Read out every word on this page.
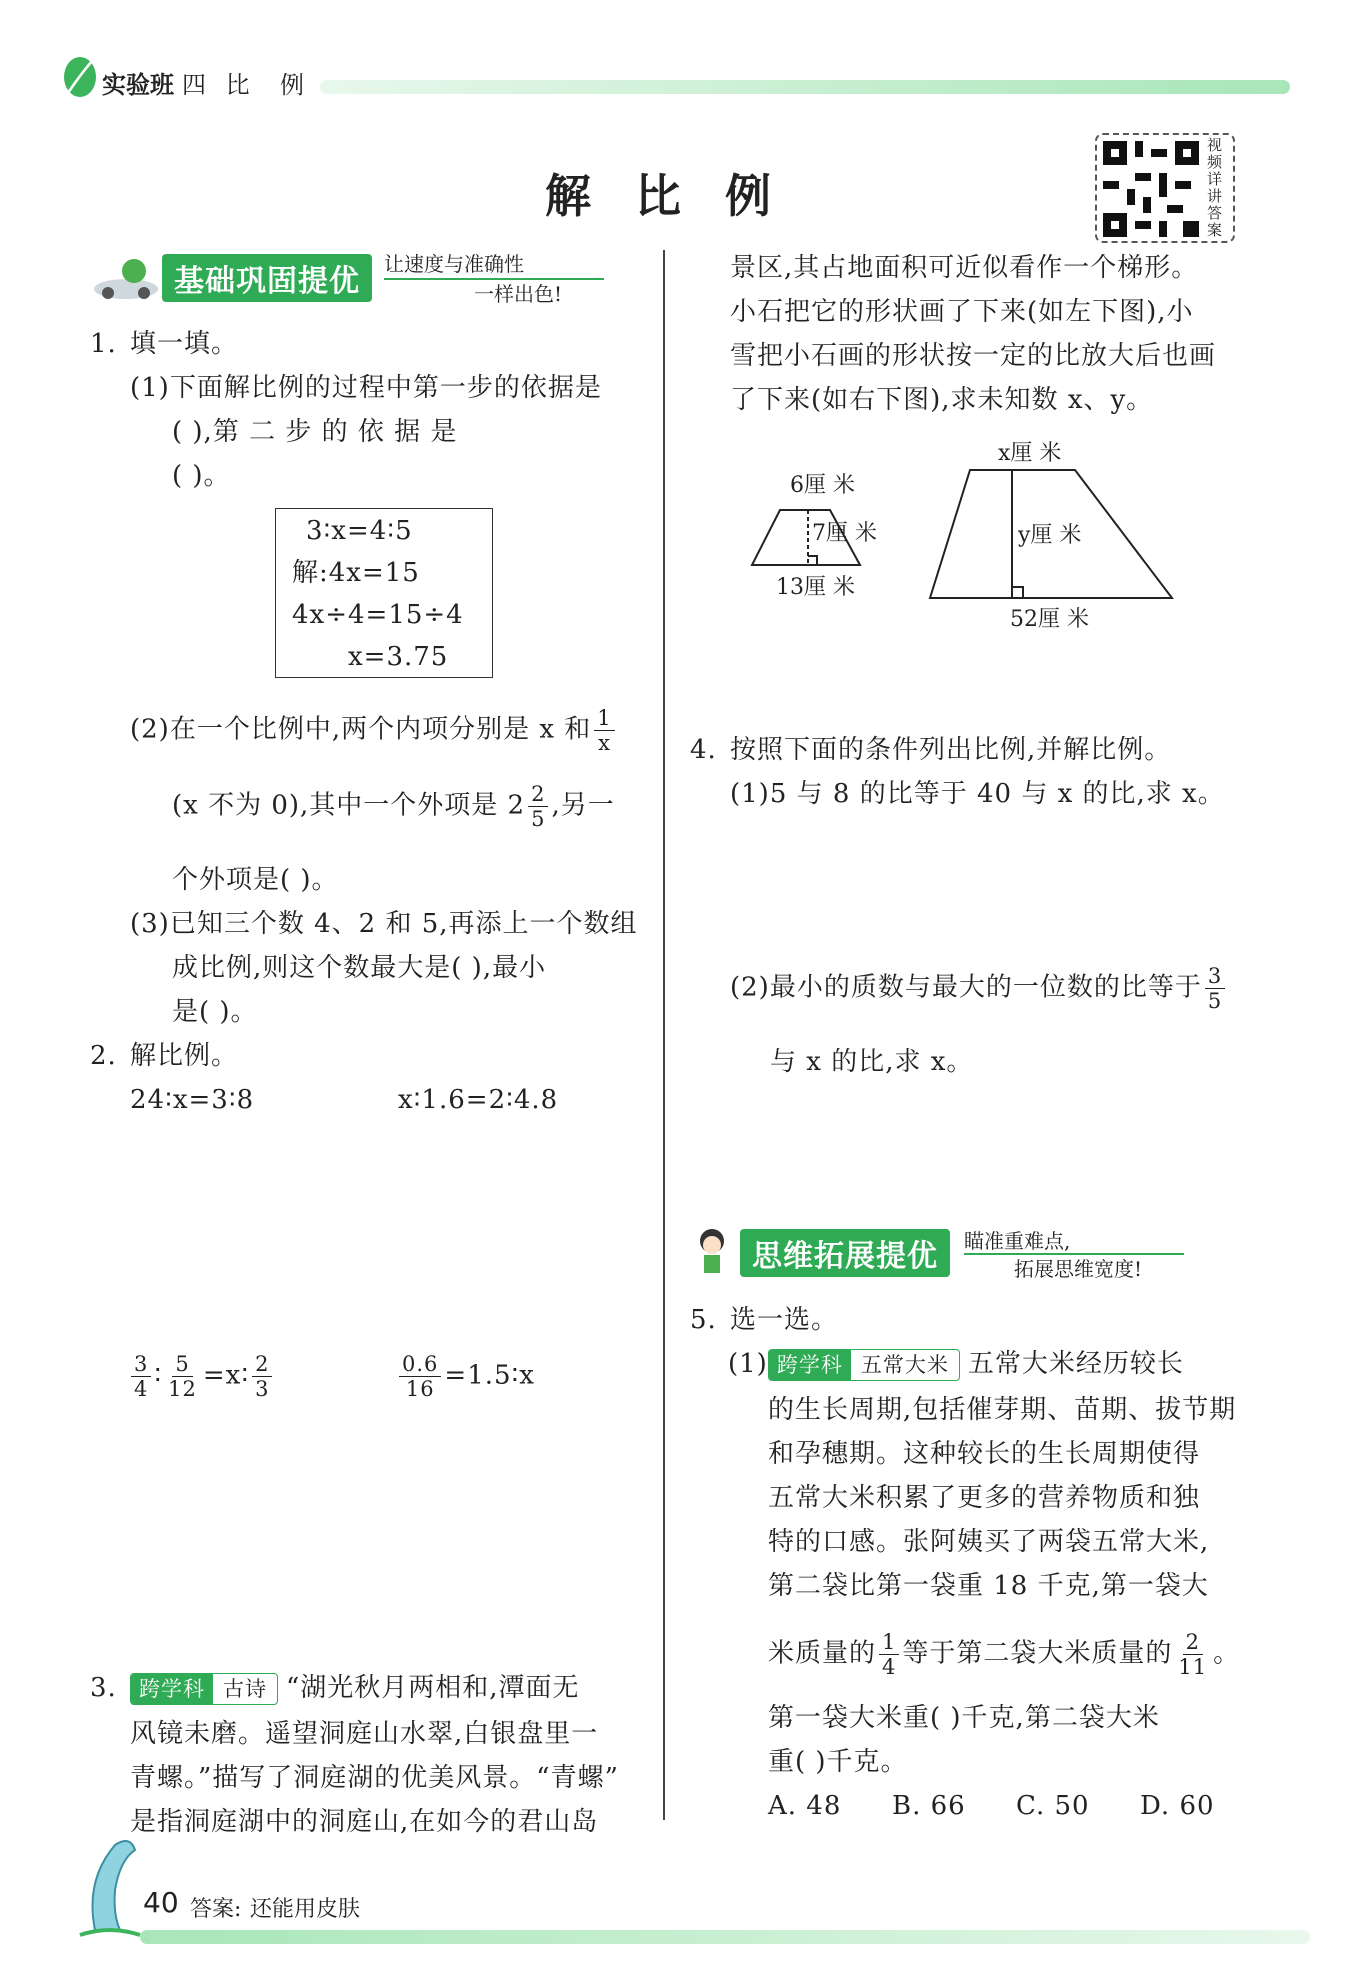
实验班 四 比 例
解 比 例
视频详讲答案
基础巩固提优	让速度与准确性
一样出色!
1. 填一填。
(1)下面解比例的过程中第一步的依据是
( ),第 二 步 的 依 据 是
( )。
3∶x=4∶5
解:4x=15
4x÷4=15÷4
x=3.75
(2)在一个比例中,两个内项分别是 x 和 $\frac{1}{x}$
(x 不为 0),其中一个外项是 $2 \frac{2}{5}$ ,另一
个外项是( )。
(3)已知三个数 4、2 和 5,再添上一个数组
成比例,则这个数最大是( ),最小
是( )。
2. 解比例。
24∶x=3∶8	x∶1.6=2∶4.8
$\frac{3}{4}$ ∶ $\frac{5}{12}$ =x∶ $\frac{2}{3}$	$\frac{0.6}{16}$ =1.5∶x
3.	跨学科 古诗 “湖光秋月两相和,潭面无
风镜未磨。遥望洞庭山水翠,白银盘里一
青螺。”描写了洞庭湖的优美风景。“青螺”
是指洞庭湖中的洞庭山,在如今的君山岛
景区,其占地面积可近似看作一个梯形。
小石把它的形状画了下来(如左下图),小
雪把小石画的形状按一定的比放大后也画
了下来(如右下图),求未知数 x、y。
6厘 米
7厘 米
13厘 米
x厘 米
y厘 米
52厘 米
4. 按照下面的条件列出比例,并解比例。
(1)5 与 8 的比等于 40 与 x 的比,求 x。
(2)最小的质数与最大的一位数的比等于 $\frac{3}{5}$
与 x 的比,求 x。
思维拓展提优	瞄准重难点,
拓展思维宽度!
5. 选一选。
(1) 跨学科 五常大米 五常大米经历较长
的生长周期,包括催芽期、苗期、拔节期
和孕穗期。这种较长的生长周期使得
五常大米积累了更多的营养物质和独
特的口感。张阿姨买了两袋五常大米,
第二袋比第一袋重 18 千克,第一袋大
米质量的 $\frac{1}{4}$ 等于第二袋大米质量的 $\frac{2}{11}$ 。
第一袋大米重( )千克,第二袋大米
重( )千克。
A. 48 B. 66 C. 50 D. 60
40 答案: 还能用皮肤
